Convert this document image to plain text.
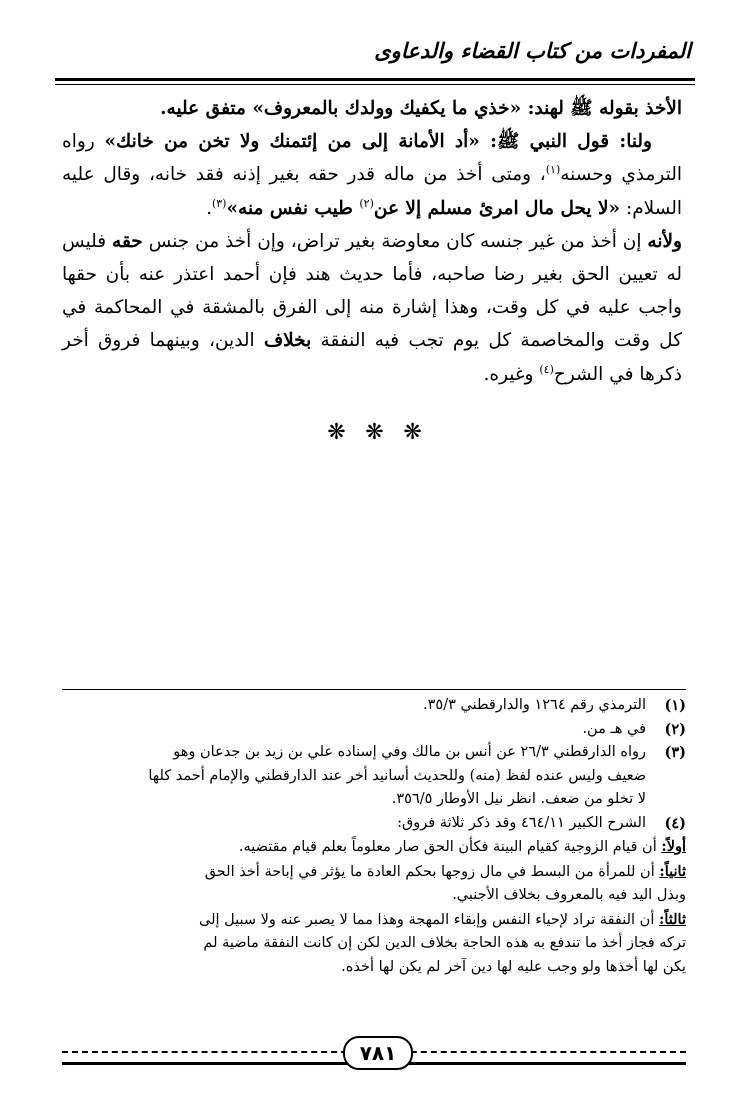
المفردات من كتاب القضاء والدعاوى

الأخذ بقوله ﷺ لهند: «خذي ما يكفيك وولدك بالمعروف» متفق عليه.

ولنا: قول النبي ﷺ: «أد الأمانة إلى من إئتمنك ولا تخن من خانك» رواه الترمذي وحسنه$^{(١)}$، ومتى أخذ من ماله قدر حقه بغير إذنه فقد خانه، وقال عليه السلام: «لا يحل مال امرئ مسلم إلا عن$^{(٢)}$ طيب نفس منه»$^{(٣)}$.

ولأنه إن أخذ من غير جنسه كان معاوضة بغير تراض، وإن أخذ من جنس حقه فليس له تعيين الحق بغير رضا صاحبه، فأما حديث هند فإن أحمد اعتذر عنه بأن حقها واجب عليه في كل وقت، وهذا إشارة منه إلى الفرق بالمشقة في المحاكمة في كل وقت والمخاصمة كل يوم تجب فيه النفقة بخلاف الدين، وبينهما فروق أخر ذكرها في الشرح$^{(٤)}$ وغيره.

❋ ❋ ❋
(١)
الترمذي رقم ١٢٦٤ والدارقطني ٣٥/٣.
(٢)
في هـ من.
(٣)
رواه الدارقطني ٢٦/٣ عن أنس بن مالك وفي إسناده علي بن زيد بن جدعان وهو
ضعيف وليس عنده لفظ (منه) وللحديث أسانيد أخر عند الدارقطني والإمام أحمد كلها
لا تخلو من ضعف. انظر نيل الأوطار ٣٥٦/٥.
(٤)
الشرح الكبير ٤٦٤/١١ وقد ذكر ثلاثة فروق:
أولاً: أن قيام الزوجية كقيام البينة فكأن الحق صار معلوماً بعلم قيام مقتضيه.
ثانياً: أن للمرأة من البسط في مال زوجها بحكم العادة ما يؤثر في إباحة أخذ الحق
وبذل اليد فيه بالمعروف بخلاف الأجنبي.
ثالثاً: أن النفقة تراد لإحياء النفس وإبقاء المهجة وهذا مما لا يصبر عنه ولا سبيل إلى
تركه فجاز أخذ ما تندفع به هذه الحاجة بخلاف الدين لكن إن كانت النفقة ماضية لم
يكن لها أخذها ولو وجب عليه لها دين آخر لم يكن لها أخذه.
٧٨١
